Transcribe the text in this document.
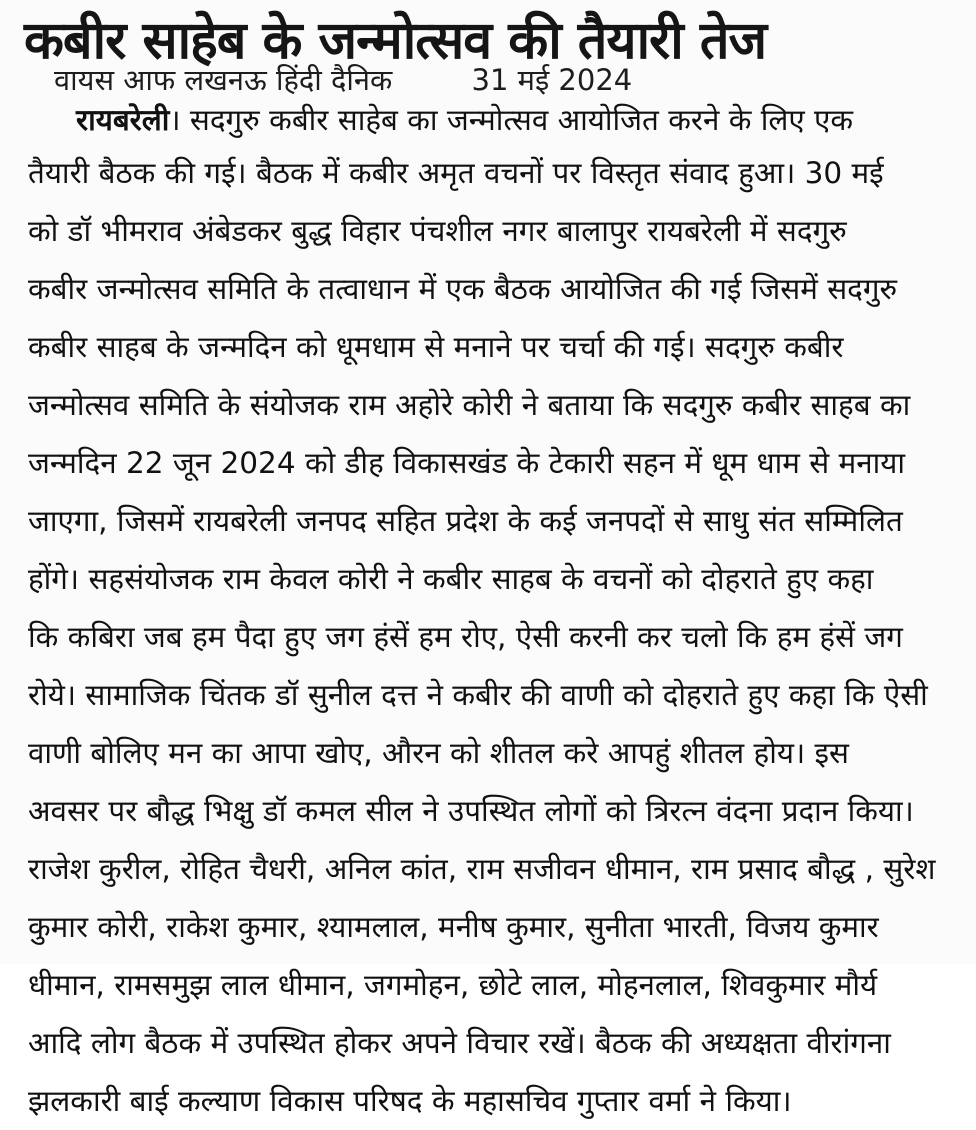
कबीर साहेब के जन्मोत्सव की तैयारी तेज
वायस आफ लखनऊ हिंदी दैनिक	31 मई 2024
रायबरेली। सदगुरु कबीर साहेब का जन्मोत्सव आयोजित करने के लिए एक
तैयारी बैठक की गई। बैठक में कबीर अमृत वचनों पर विस्तृत संवाद हुआ। 30 मई
को डॉ भीमराव अंबेडकर बुद्ध विहार पंचशील नगर बालापुर रायबरेली में सदगुरु
कबीर जन्मोत्सव समिति के तत्वाधान में एक बैठक आयोजित की गई जिसमें सदगुरु
कबीर साहब के जन्मदिन को धूमधाम से मनाने पर चर्चा की गई। सदगुरु कबीर
जन्मोत्सव समिति के संयोजक राम अहोरे कोरी ने बताया कि सदगुरु कबीर साहब का
जन्मदिन 22 जून 2024 को डीह विकासखंड के टेकारी सहन में धूम धाम से मनाया
जाएगा, जिसमें रायबरेली जनपद सहित प्रदेश के कई जनपदों से साधु संत सम्मिलित
होंगे। सहसंयोजक राम केवल कोरी ने कबीर साहब के वचनों को दोहराते हुए कहा
कि कबिरा जब हम पैदा हुए जग हंसें हम रोए, ऐसी करनी कर चलो कि हम हंसें जग
रोये। सामाजिक चिंतक डॉ सुनील दत्त ने कबीर की वाणी को दोहराते हुए कहा कि ऐसी
वाणी बोलिए मन का आपा खोए, औरन को शीतल करे आपहुं शीतल होय। इस
अवसर पर बौद्ध भिक्षु डॉ कमल सील ने उपस्थित लोगों को त्रिरत्न वंदना प्रदान किया।
राजेश कुरील, रोहित चैधरी, अनिल कांत, राम सजीवन धीमान, राम प्रसाद बौद्ध , सुरेश
कुमार कोरी, राकेश कुमार, श्यामलाल, मनीष कुमार, सुनीता भारती, विजय कुमार
धीमान, रामसमुझ लाल धीमान, जगमोहन, छोटे लाल, मोहनलाल, शिवकुमार मौर्य
आदि लोग बैठक में उपस्थित होकर अपने विचार रखें। बैठक की अध्यक्षता वीरांगना
झलकारी बाई कल्याण विकास परिषद के महासचिव गुप्तार वर्मा ने किया।
